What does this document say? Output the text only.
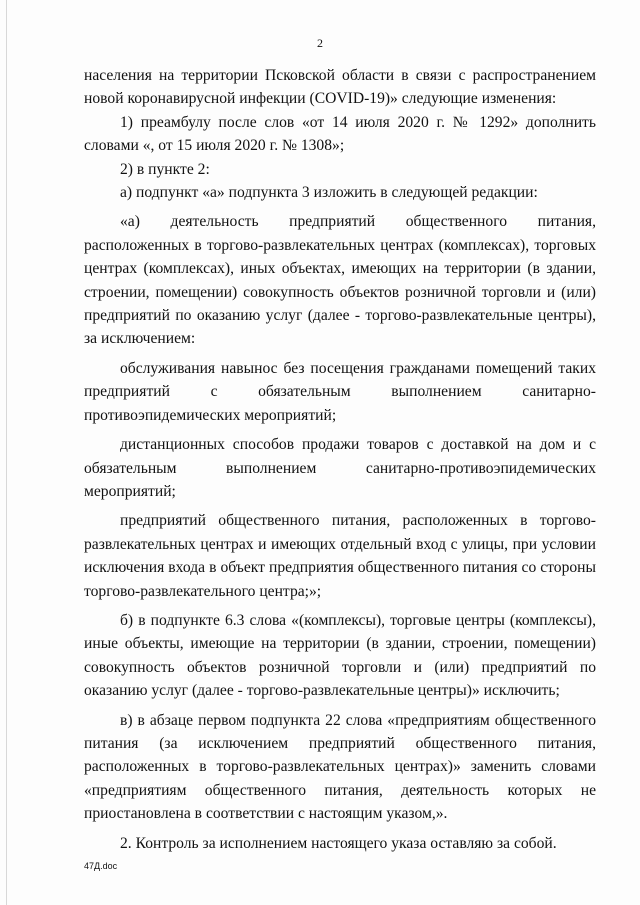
2

населения на территории Псковской области в связи с распространением новой коронавирусной инфекции (COVID-19)» следующие изменения:

1) преамбулу после слов «от 14 июля 2020 г. № 1292» дополнить словами «, от 15 июля 2020 г. № 1308»;

2) в пункте 2:

а) подпункт «а» подпункта 3 изложить в следующей редакции:

«а) деятельность предприятий общественного питания, расположенных в торгово-развлекательных центрах (комплексах), торговых центрах (комплексах), иных объектах, имеющих на территории (в здании, строении, помещении) совокупность объектов розничной торговли и (или) предприятий по оказанию услуг (далее - торгово-развлекательные центры), за исключением:

обслуживания навынос без посещения гражданами помещений таких предприятий с обязательным выполнением санитарно-противоэпидемических мероприятий;

дистанционных способов продажи товаров с доставкой на дом и с обязательным выполнением санитарно-противоэпидемических мероприятий;

предприятий общественного питания, расположенных в торгово-развлекательных центрах и имеющих отдельный вход с улицы, при условии исключения входа в объект предприятия общественного питания со стороны торгово-развлекательного центра;»;

б) в подпункте 6.3 слова «(комплексы), торговые центры (комплексы), иные объекты, имеющие на территории (в здании, строении, помещении) совокупность объектов розничной торговли и (или) предприятий по оказанию услуг (далее - торгово-развлекательные центры)» исключить;

в) в абзаце первом подпункта 22 слова «предприятиям общественного питания (за исключением предприятий общественного питания, расположенных в торгово-развлекательных центрах)» заменить словами «предприятиям общественного питания, деятельность которых не приостановлена в соответствии с настоящим указом,».

2. Контроль за исполнением настоящего указа оставляю за собой.

47Д.doc
